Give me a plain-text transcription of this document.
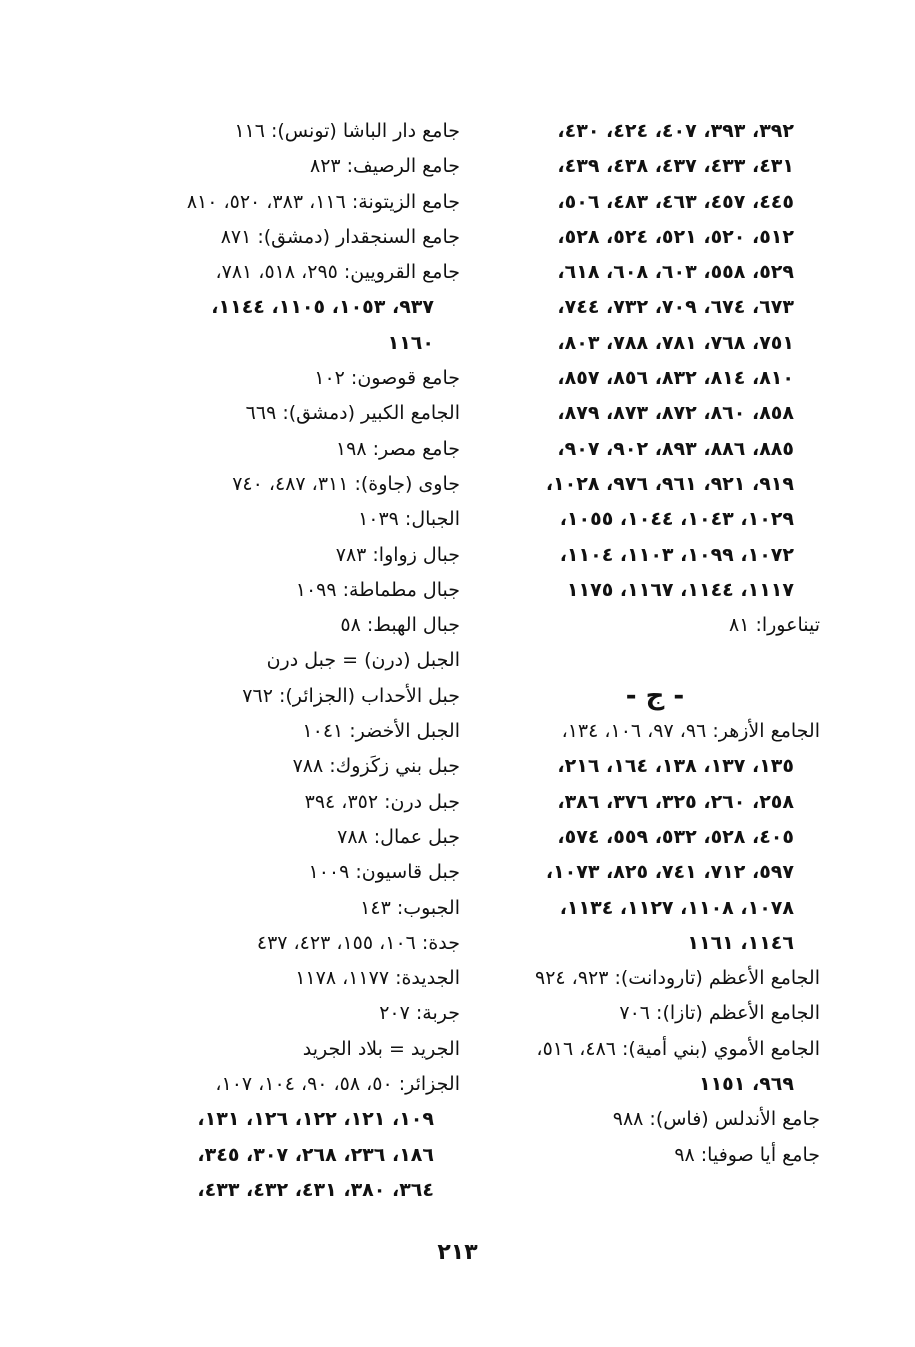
٣٩٢، ٣٩٣، ٤٠٧، ٤٢٤، ٤٣٠،
٤٣١، ٤٣٣، ٤٣٧، ٤٣٨، ٤٣٩،
٤٤٥، ٤٥٧، ٤٦٣، ٤٨٣، ٥٠٦،
٥١٢، ٥٢٠، ٥٢١، ٥٢٤، ٥٢٨،
٥٢٩، ٥٥٨، ٦٠٣، ٦٠٨، ٦١٨،
٦٧٣، ٦٧٤، ٧٠٩، ٧٣٢، ٧٤٤،
٧٥١، ٧٦٨، ٧٨١، ٧٨٨، ٨٠٣،
٨١٠، ٨١٤، ٨٣٢، ٨٥٦، ٨٥٧،
٨٥٨، ٨٦٠، ٨٧٢، ٨٧٣، ٨٧٩،
٨٨٥، ٨٨٦، ٨٩٣، ٩٠٢، ٩٠٧،
٩١٩، ٩٢١، ٩٦١، ٩٧٦، ١٠٢٨،
١٠٢٩، ١٠٤٣، ١٠٤٤، ١٠٥٥،
١٠٧٢، ١٠٩٩، ١١٠٣، ١١٠٤،
١١١٧، ١١٤٤، ١١٦٧، ١١٧٥
تيناعورا: ٨١
- ج -
الجامع الأزهر: ٩٦، ٩٧، ١٠٦، ١٣٤،
١٣٥، ١٣٧، ١٣٨، ١٦٤، ٢١٦،
٢٥٨، ٢٦٠، ٣٢٥، ٣٧٦، ٣٨٦،
٤٠٥، ٥٢٨، ٥٣٢، ٥٥٩، ٥٧٤،
٥٩٧، ٧١٢، ٧٤١، ٨٢٥، ١٠٧٣،
١٠٧٨، ١١٠٨، ١١٢٧، ١١٣٤،
١١٤٦، ١١٦١
الجامع الأعظم (تارودانت): ٩٢٣، ٩٢٤
الجامع الأعظم (تازا): ٧٠٦
الجامع الأموي (بني أمية): ٤٨٦، ٥١٦،
٩٦٩، ١١٥١
جامع الأندلس (فاس): ٩٨٨
جامع أيا صوفيا: ٩٨
جامع دار الباشا (تونس): ١١٦
جامع الرصيف: ٨٢٣
جامع الزيتونة: ١١٦، ٣٨٣، ٥٢٠، ٨١٠
جامع السنجقدار (دمشق): ٨٧١
جامع القرويين: ٢٩٥، ٥١٨، ٧٨١،
٩٣٧، ١٠٥٣، ١١٠٥، ١١٤٤،
١١٦٠
جامع قوصون: ١٠٢
الجامع الكبير (دمشق): ٦٦٩
جامع مصر: ١٩٨
جاوى (جاوة): ٣١١، ٤٨٧، ٧٤٠
الجبال: ١٠٣٩
جبال زواوا: ٧٨٣
جبال مطماطة: ١٠٩٩
جبال الهبط: ٥٨
الجبل (درن) = جبل درن
جبل الأحداب (الجزائر): ٧٦٢
الجبل الأخضر: ١٠٤١
جبل بني زكَزوك: ٧٨٨
جبل درن: ٣٥٢، ٣٩٤
جبل عمال: ٧٨٨
جبل قاسيون: ١٠٠٩
الجبوب: ١٤٣
جدة: ١٠٦، ١٥٥، ٤٢٣، ٤٣٧
الجديدة: ١١٧٧، ١١٧٨
جربة: ٢٠٧
الجريد = بلاد الجريد
الجزائر: ٥٠، ٥٨، ٩٠، ١٠٤، ١٠٧،
١٠٩، ١٢١، ١٢٢، ١٢٦، ١٣١،
١٨٦، ٢٣٦، ٢٦٨، ٣٠٧، ٣٤٥،
٣٦٤، ٣٨٠، ٤٣١، ٤٣٢، ٤٣٣،
٢١٣
